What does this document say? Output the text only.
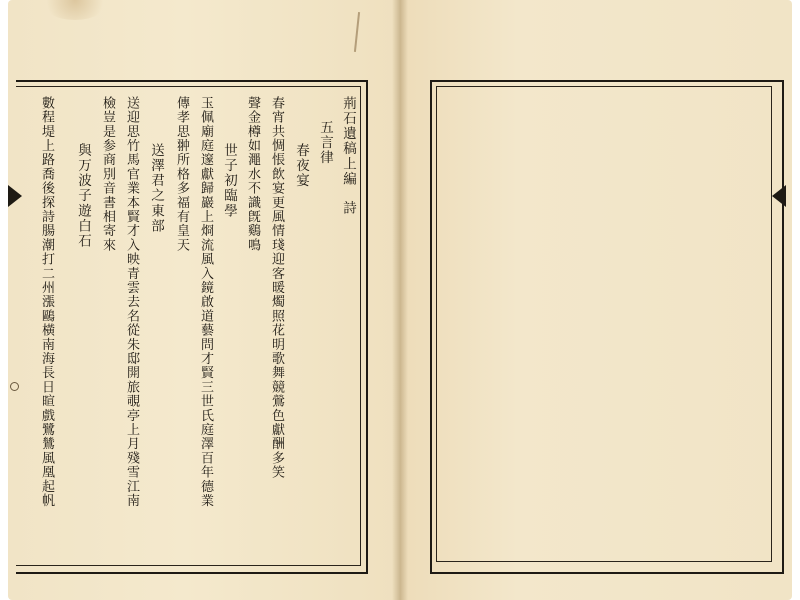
荊石遺稿上編詩
五言律
春夜宴
春宵共惆悵飲宴更風情琖迎客暖燭照花明歌舞競鶯色獻酬多笑
聲金樽如澠水不識旣鷄鳴
世子初臨學
玉佩廟庭邃獻歸巖上烱流風入鏡啟道藝問才賢三世氏庭澤百年德業
傳孝思翀所格多福有皇天
送澤君之東部
送迎思竹馬官業本賢才入映青雲去名從朱邸開旅覗亭上月殘雪江南
檢豈是参商別音書相寄來
與万波子遊白石
數程堤上路喬後探詩腸潮打二州漲鷗橫南海長日暄戲鷺鷥風凰起帆
